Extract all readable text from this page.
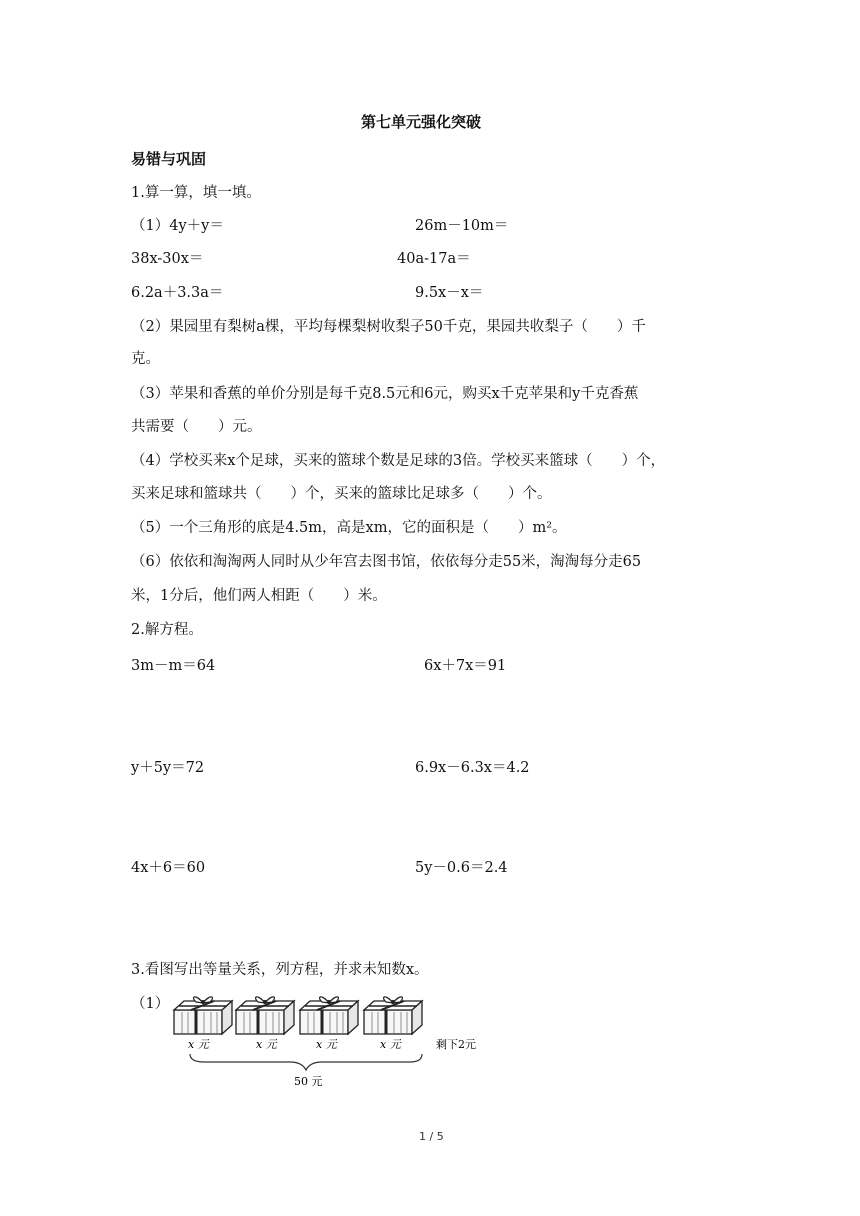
第七单元强化突破
易错与巩固
1.算一算，填一填。
（1）4y＋y＝	26m－10m＝
38x-30x＝	40a-17a＝
6.2a＋3.3a＝	9.5x－x＝
（2）果园里有梨树a棵，平均每棵梨树收梨子50千克，果园共收梨子（　　）千
克。
（3）苹果和香蕉的单价分别是每千克8.5元和6元，购买x千克苹果和y千克香蕉
共需要（　　）元。
（4）学校买来x个足球，买来的篮球个数是足球的3倍。学校买来篮球（　　）个，
买来足球和篮球共（　　）个，买来的篮球比足球多（　　）个。
（5）一个三角形的底是4.5m，高是xm，它的面积是（　　）m²。
（6）依依和淘淘两人同时从少年宫去图书馆，依依每分走55米，淘淘每分走65
米，1分后，他们两人相距（　　）米。
2.解方程。
3m－m＝64	6x＋7x＝91
y＋5y＝72	6.9x－6.3x＝4.2
4x＋6＝60	5y－0.6＝2.4
3.看图写出等量关系，列方程，并求未知数x。
（1）
x 元	x 元	x 元	x 元	剩下2元
50 元
1 / 5
